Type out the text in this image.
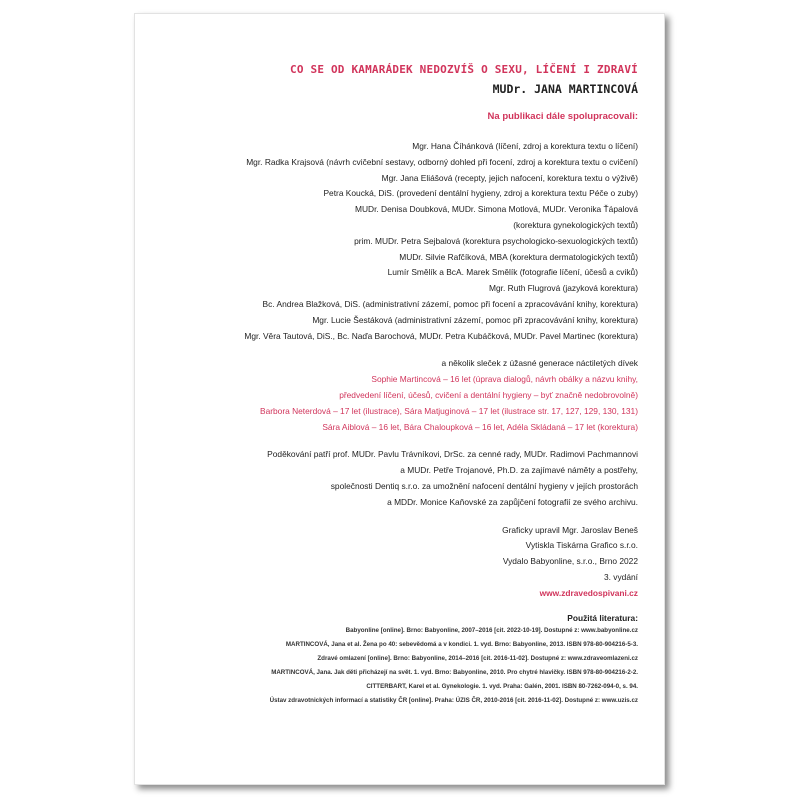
CO SE OD KAMARÁDEK NEDOZVÍŠ O SEXU, LÍČENÍ I ZDRAVÍ
MUDr. JANA MARTINCOVÁ
Na publikaci dále spolupracovali:
Mgr. Hana Číhánková (líčení, zdroj a korektura textu o líčení)
Mgr. Radka Krajsová (návrh cvičební sestavy, odborný dohled při focení, zdroj a korektura textu o cvičení)
Mgr. Jana Eliášová (recepty, jejich nafocení, korektura textu o výživě)
Petra Koucká, DiS. (provedení dentální hygieny, zdroj a korektura textu Péče o zuby)
MUDr. Denisa Doubková, MUDr. Simona Motlová, MUDr. Veronika Ťápalová
(korektura gynekologických textů)
prim. MUDr. Petra Sejbalová (korektura psychologicko-sexuologických textů)
MUDr. Silvie Rafčíková, MBA (korektura dermatologických textů)
Lumír Smělík a BcA. Marek Smělík (fotografie líčení, účesů a cviků)
Mgr. Ruth Flugrová (jazyková korektura)
Bc. Andrea Blažková, DiS. (administrativní zázemí, pomoc při focení a zpracovávání knihy, korektura)
Mgr. Lucie Šestáková (administrativní zázemí, pomoc při zpracovávání knihy, korektura)
Mgr. Věra Tautová, DiS., Bc. Naďa Barochová, MUDr. Petra Kubáčková, MUDr. Pavel Martinec (korektura)
a několik sleček z úžasné generace náctiletých dívek
Sophie Martincová – 16 let (úprava dialogů, návrh obálky a názvu knihy,
předvedení líčení, účesů, cvičení a dentální hygieny – byť značně nedobrovolně)
Barbora Neterdová – 17 let (ilustrace), Sára Matjuginová – 17 let (ilustrace str. 17, 127, 129, 130, 131)
Sára Aiblová – 16 let, Bára Chaloupková – 16 let, Adéla Skládaná – 17 let (korektura)
Poděkování patří prof. MUDr. Pavlu Trávníkovi, DrSc. za cenné rady, MUDr. Radimovi Pachmannovi
a MUDr. Petře Trojanové, Ph.D. za zajímavé náměty a postřehy,
společnosti Dentiq s.r.o. za umožnění nafocení dentální hygieny v jejích prostorách
a MDDr. Monice Kaňovské za zapůjčení fotografií ze svého archivu.
Graficky upravil Mgr. Jaroslav Beneš
Vytiskla Tiskárna Grafico s.r.o.
Vydalo Babyonline, s.r.o., Brno 2022
3. vydání
www.zdravedospivani.cz
Použitá literatura:
Babyonline [online]. Brno: Babyonline, 2007–2016 [cit. 2022-10-19]. Dostupné z: www.babyonline.cz
MARTINCOVÁ, Jana et al. Žena po 40: sebevědomá a v kondici. 1. vyd. Brno: Babyonline, 2013. ISBN 978-80-904216-5-3.
Zdravé omlazení [online]. Brno: Babyonline, 2014–2016 [cit. 2016-11-02]. Dostupné z: www.zdraveomlazeni.cz
MARTINCOVÁ, Jana. Jak děti přicházejí na svět. 1. vyd. Brno: Babyonline, 2010. Pro chytré hlavičky. ISBN 978-80-904216-2-2.
CITTERBART, Karel et al. Gynekologie. 1. vyd. Praha: Galén, 2001. ISBN 80-7262-094-0, s. 94.
Ústav zdravotnických informací a statistiky ČR [online]. Praha: ÚZIS ČR, 2010-2016 [cit. 2016-11-02]. Dostupné z: www.uzis.cz
